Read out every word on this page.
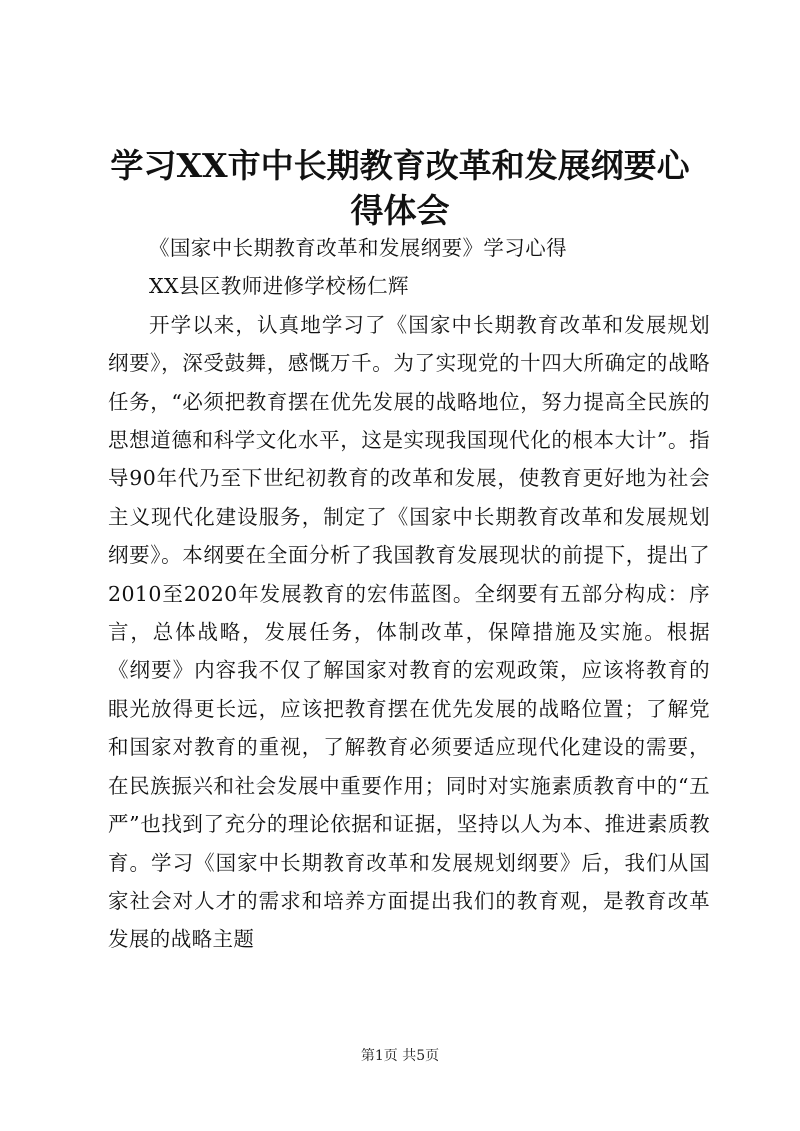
学习XX市中长期教育改革和发展纲要心得体会

《国家中长期教育改革和发展纲要》学习心得

XX县区教师进修学校杨仁辉

开学以来，认真地学习了《国家中长期教育改革和发展规划纲要》，深受鼓舞，感慨万千。为了实现党的十四大所确定的战略任务，“必须把教育摆在优先发展的战略地位，努力提高全民族的思想道德和科学文化水平，这是实现我国现代化的根本大计”。指导90年代乃至下世纪初教育的改革和发展，使教育更好地为社会主义现代化建设服务，制定了《国家中长期教育改革和发展规划纲要》。本纲要在全面分析了我国教育发展现状的前提下，提出了2010至2020年发展教育的宏伟蓝图。全纲要有五部分构成：序言，总体战略，发展任务，体制改革，保障措施及实施。根据《纲要》内容我不仅了解国家对教育的宏观政策，应该将教育的眼光放得更长远，应该把教育摆在优先发展的战略位置；了解党和国家对教育的重视，了解教育必须要适应现代化建设的需要，在民族振兴和社会发展中重要作用；同时对实施素质教育中的“五严”也找到了充分的理论依据和证据，坚持以人为本、推进素质教育。学习《国家中长期教育改革和发展规划纲要》后，我们从国家社会对人才的需求和培养方面提出我们的教育观，是教育改革发展的战略主题

第1页 共5页
